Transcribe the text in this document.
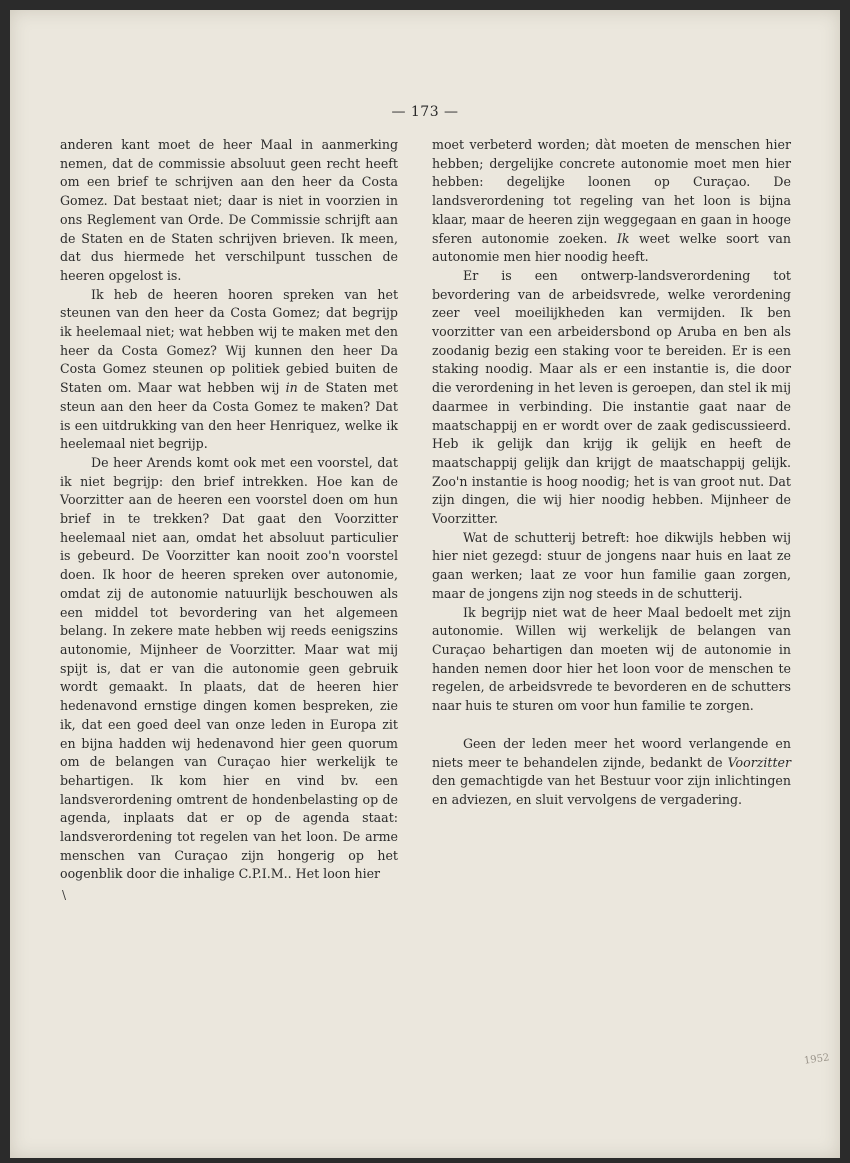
— 173 —

anderen kant moet de heer Maal in aanmerking nemen, dat de commissie absoluut geen recht heeft om een brief te schrijven aan den heer da Costa Gomez. Dat bestaat niet; daar is niet in voorzien in ons Reglement van Orde. De Commissie schrijft aan de Staten en de Staten schrijven brieven. Ik meen, dat dus hiermede het verschilpunt tusschen de heeren opgelost is.

Ik heb de heeren hooren spreken van het steunen van den heer da Costa Gomez; dat begrijp ik heelemaal niet; wat hebben wij te maken met den heer da Costa Gomez? Wij kunnen den heer Da Costa Gomez steunen op politiek gebied buiten de Staten om. Maar wat hebben wij in de Staten met steun aan den heer da Costa Gomez te maken? Dat is een uitdrukking van den heer Henriquez, welke ik heelemaal niet begrijp.

De heer Arends komt ook met een voorstel, dat ik niet begrijp: den brief intrekken. Hoe kan de Voorzitter aan de heeren een voorstel doen om hun brief in te trekken? Dat gaat den Voorzitter heelemaal niet aan, omdat het absoluut particulier is gebeurd. De Voorzitter kan nooit zoo'n voorstel doen. Ik hoor de heeren spreken over autonomie, omdat zij de autonomie natuurlijk beschouwen als een middel tot bevordering van het algemeen belang. In zekere mate hebben wij reeds eenigszins autonomie, Mijnheer de Voorzitter. Maar wat mij spijt is, dat er van die autonomie geen gebruik wordt gemaakt. In plaats, dat de heeren hier hedenavond ernstige dingen komen bespreken, zie ik, dat een goed deel van onze leden in Europa zit en bijna hadden wij hedenavond hier geen quorum om de belangen van Curaçao hier werkelijk te behartigen. Ik kom hier en vind bv. een landsverordening omtrent de hondenbelasting op de agenda, inplaats dat er op de agenda staat: landsverordening tot regelen van het loon. De arme menschen van Curaçao zijn hongerig op het oogenblik door die inhalige C.P.I.M.. Het loon hier

moet verbeterd worden; dàt moeten de menschen hier hebben; dergelijke concrete autonomie moet men hier hebben: degelijke loonen op Curaçao. De landsverordening tot regeling van het loon is bijna klaar, maar de heeren zijn weggegaan en gaan in hooge sferen autonomie zoeken. Ik weet welke soort van autonomie men hier noodig heeft.

Er is een ontwerp-landsverordening tot bevordering van de arbeidsvrede, welke verordening zeer veel moeilijkheden kan vermijden. Ik ben voorzitter van een arbeidersbond op Aruba en ben als zoodanig bezig een staking voor te bereiden. Er is een staking noodig. Maar als er een instantie is, die door die verordening in het leven is geroepen, dan stel ik mij daarmee in verbinding. Die instantie gaat naar de maatschappij en er wordt over de zaak gediscussieerd. Heb ik gelijk dan krijg ik gelijk en heeft de maatschappij gelijk dan krijgt de maatschappij gelijk. Zoo'n instantie is hoog noodig; het is van groot nut. Dat zijn dingen, die wij hier noodig hebben. Mijnheer de Voorzitter.

Wat de schutterij betreft: hoe dikwijls hebben wij hier niet gezegd: stuur de jongens naar huis en laat ze gaan werken; laat ze voor hun familie gaan zorgen, maar de jongens zijn nog steeds in de schutterij.

Ik begrijp niet wat de heer Maal bedoelt met zijn autonomie. Willen wij werkelijk de belangen van Curaçao behartigen dan moeten wij de autonomie in handen nemen door hier het loon voor de menschen te regelen, de arbeidsvrede te bevorderen en de schutters naar huis te sturen om voor hun familie te zorgen.

Geen der leden meer het woord verlangende en niets meer te behandelen zijnde, bedankt de Voorzitter den gemachtigde van het Bestuur voor zijn inlichtingen en adviezen, en sluit vervolgens de vergadering.

\
1952
